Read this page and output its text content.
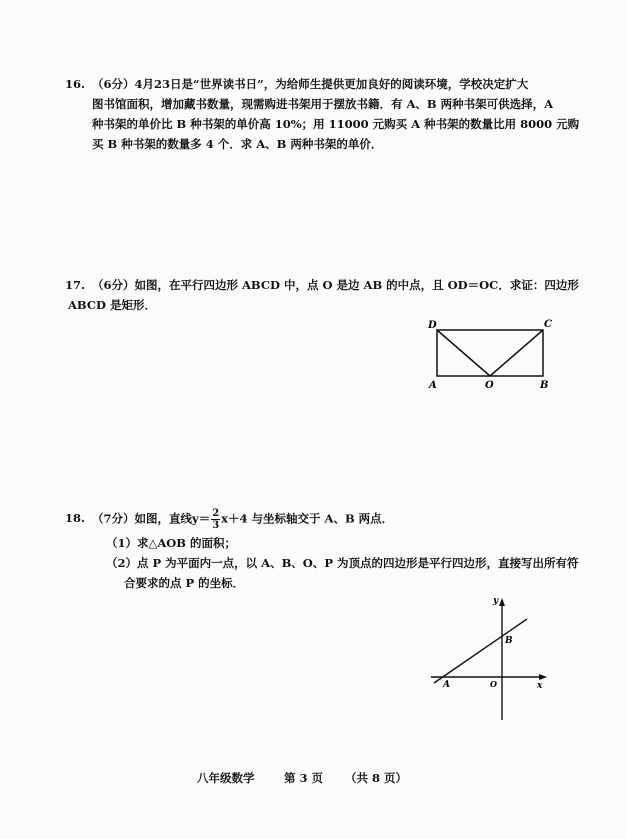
16. （6分）4月23日是“世界读书日”，为给师生提供更加良好的阅读环境，学校决定扩大
图书馆面积，增加藏书数量，现需购进书架用于摆放书籍．有 A、B 两种书架可供选择，A
种书架的单价比 B 种书架的单价高 10%；用 11000 元购买 A 种书架的数量比用 8000 元购
买 B 种书架的数量多 4 个．求 A、B 两种书架的单价．
17. （6分）如图，在平行四边形 ABCD 中，点 O 是边 AB 的中点，且 OD＝OC．求证：四边形
ABCD 是矩形．
D	C
A	O	B
18. （7分）如图，直线$y= \frac{2}{3} x+4$ 与坐标轴交于 A、B 两点．
（1）求△AOB 的面积；
（2）点 P 为平面内一点，以 A、B、O、P 为顶点的四边形是平行四边形，直接写出所有符
合要求的点 P 的坐标．
y
x
A
B
O
八年级数学	第 3 页 （共 8 页）
